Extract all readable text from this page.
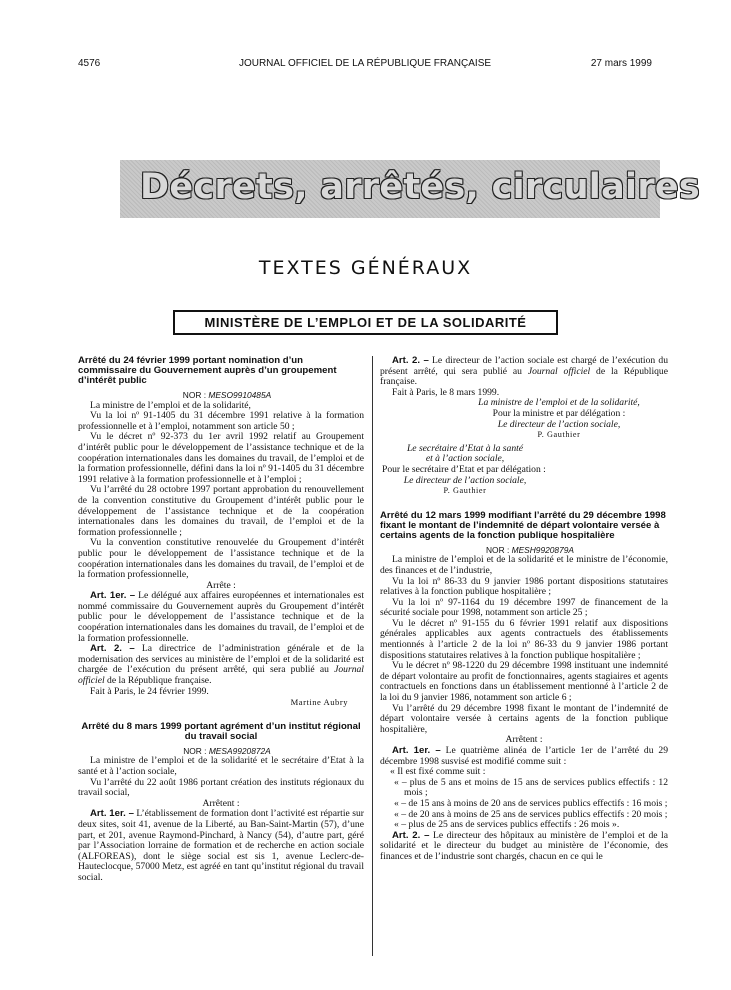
4576	JOURNAL OFFICIEL DE LA RÉPUBLIQUE FRANÇAISE	27 mars 1999
Décrets, arrêtés, circulaires
TEXTES GÉNÉRAUX
MINISTÈRE DE L’EMPLOI ET DE LA SOLIDARITÉ
Arrêté du 24 février 1999 portant nomination d’un commissaire du Gouvernement auprès d’un groupement d’intérêt public

NOR : MESO9910485A

La ministre de l’emploi et de la solidarité,

Vu la loi nº 91-1405 du 31 décembre 1991 relative à la formation professionnelle et à l’emploi, notamment son article 50 ;

Vu le décret nº 92-373 du 1er avril 1992 relatif au Groupement d’intérêt public pour le développement de l’assistance technique et de la coopération internationales dans les domaines du travail, de l’emploi et de la formation professionnelle, défini dans la loi nº 91-1405 du 31 décembre 1991 relative à la formation professionnelle et à l’emploi ;

Vu l’arrêté du 28 octobre 1997 portant approbation du renouvellement de la convention constitutive du Groupement d’intérêt public pour le développement de l’assistance technique et de la coopération internationales dans les domaines du travail, de l’emploi et de la formation professionnelle ;

Vu la convention constitutive renouvelée du Groupement d’intérêt public pour le développement de l’assistance technique et de la coopération internationales dans les domaines du travail, de l’emploi et de la formation professionnelle,

Arrête :

Art. 1er. – Le délégué aux affaires européennes et internationales est nommé commissaire du Gouvernement auprès du Groupement d’intérêt public pour le développement de l’assistance technique et de la coopération internationales dans les domaines du travail, de l’emploi et de la formation professionnelle.

Art. 2. – La directrice de l’administration générale et de la modernisation des services au ministère de l’emploi et de la solidarité est chargée de l’exécution du présent arrêté, qui sera publié au Journal officiel de la République française.

Fait à Paris, le 24 février 1999.

Martine Aubry

Arrêté du 8 mars 1999 portant agrément d’un institut régional du travail social

NOR : MESA9920872A

La ministre de l’emploi et de la solidarité et le secrétaire d’Etat à la santé et à l’action sociale,

Vu l’arrêté du 22 août 1986 portant création des instituts régionaux du travail social,

Arrêtent :

Art. 1er. – L’établissement de formation dont l’activité est répartie sur deux sites, soit 41, avenue de la Liberté, au Ban-Saint-Martin (57), d’une part, et 201, avenue Raymond-Pinchard, à Nancy (54), d’autre part, géré par l’Association lorraine de formation et de recherche en action sociale (ALFOREAS), dont le siège social est sis 1, avenue Leclerc-de-Hauteclocque, 57000 Metz, est agréé en tant qu’institut régional du travail social.

Art. 2. – Le directeur de l’action sociale est chargé de l’exécution du présent arrêté, qui sera publié au Journal officiel de la République française.

Fait à Paris, le 8 mars 1999.

La ministre de l’emploi et de la solidarité,

Pour la ministre et par délégation :

Le directeur de l’action sociale,

P. Gauthier

Le secrétaire d’Etat à la santé

et à l’action sociale,

Pour le secrétaire d’Etat et par délégation :

Le directeur de l’action sociale,

P. Gauthier

Arrêté du 12 mars 1999 modifiant l’arrêté du 29 décembre 1998 fixant le montant de l’indemnité de départ volontaire versée à certains agents de la fonction publique hospitalière

NOR : MESH9920879A

La ministre de l’emploi et de la solidarité et le ministre de l’économie, des finances et de l’industrie,

Vu la loi nº 86-33 du 9 janvier 1986 portant dispositions statutaires relatives à la fonction publique hospitalière ;

Vu la loi nº 97-1164 du 19 décembre 1997 de financement de la sécurité sociale pour 1998, notamment son article 25 ;

Vu le décret nº 91-155 du 6 février 1991 relatif aux dispositions générales applicables aux agents contractuels des établissements mentionnés à l’article 2 de la loi nº 86-33 du 9 janvier 1986 portant dispositions statutaires relatives à la fonction publique hospitalière ;

Vu le décret nº 98-1220 du 29 décembre 1998 instituant une indemnité de départ volontaire au profit de fonctionnaires, agents stagiaires et agents contractuels en fonctions dans un établissement mentionné à l’article 2 de la loi du 9 janvier 1986, notamment son article 6 ;

Vu l’arrêté du 29 décembre 1998 fixant le montant de l’indemnité de départ volontaire versée à certains agents de la fonction publique hospitalière,

Arrêtent :

Art. 1er. – Le quatrième alinéa de l’article 1er de l’arrêté du 29 décembre 1998 susvisé est modifié comme suit :

« Il est fixé comme suit :

« – plus de 5 ans et moins de 15 ans de services publics effectifs : 12 mois ;

« – de 15 ans à moins de 20 ans de services publics effectifs : 16 mois ;

« – de 20 ans à moins de 25 ans de services publics effectifs : 20 mois ;

« – plus de 25 ans de services publics effectifs : 26 mois ».

Art. 2. – Le directeur des hôpitaux au ministère de l’emploi et de la solidarité et le directeur du budget au ministère de l’économie, des finances et de l’industrie sont chargés, chacun en ce qui le
